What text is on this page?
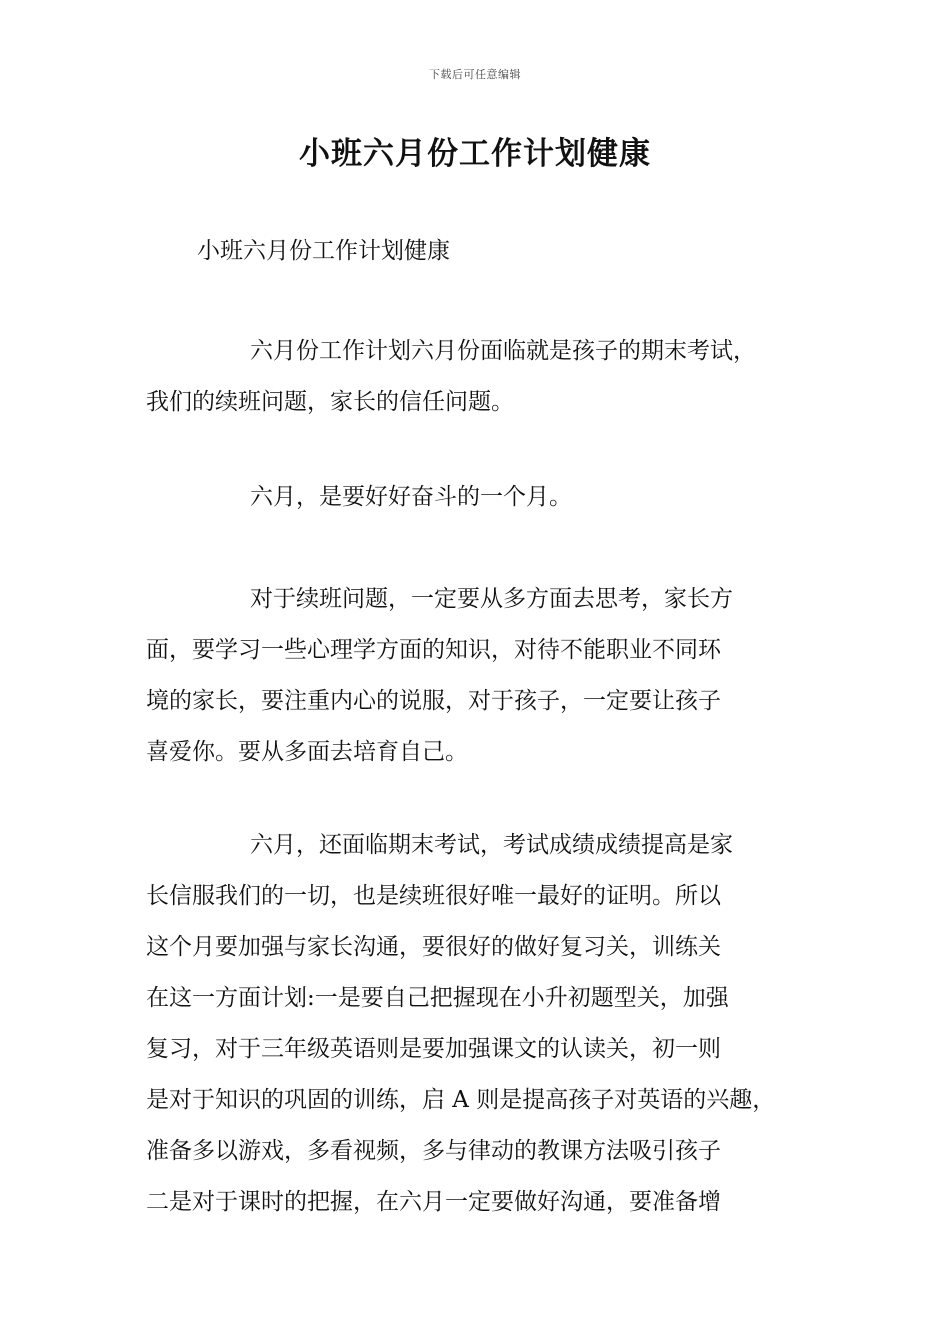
下载后可任意编辑
小班六月份工作计划健康
小班六月份工作计划健康
六月份工作计划六月份面临就是孩子的期末考试，
我们的续班问题，家长的信任问题。
六月，是要好好奋斗的一个月。
对于续班问题，一定要从多方面去思考，家长方
面，要学习一些心理学方面的知识，对待不能职业不同环
境的家长，要注重内心的说服，对于孩子，一定要让孩子
喜爱你。要从多面去培育自己。
六月，还面临期末考试，考试成绩成绩提高是家
长信服我们的一切，也是续班很好唯一最好的证明。所以
这个月要加强与家长沟通，要很好的做好复习关，训练关
在这一方面计划:一是要自己把握现在小升初题型关，加强
复习，对于三年级英语则是要加强课文的认读关，初一则
是对于知识的巩固的训练，启 A 则是提高孩子对英语的兴趣，
准备多以游戏，多看视频，多与律动的教课方法吸引孩子
二是对于课时的把握，在六月一定要做好沟通，要准备增
